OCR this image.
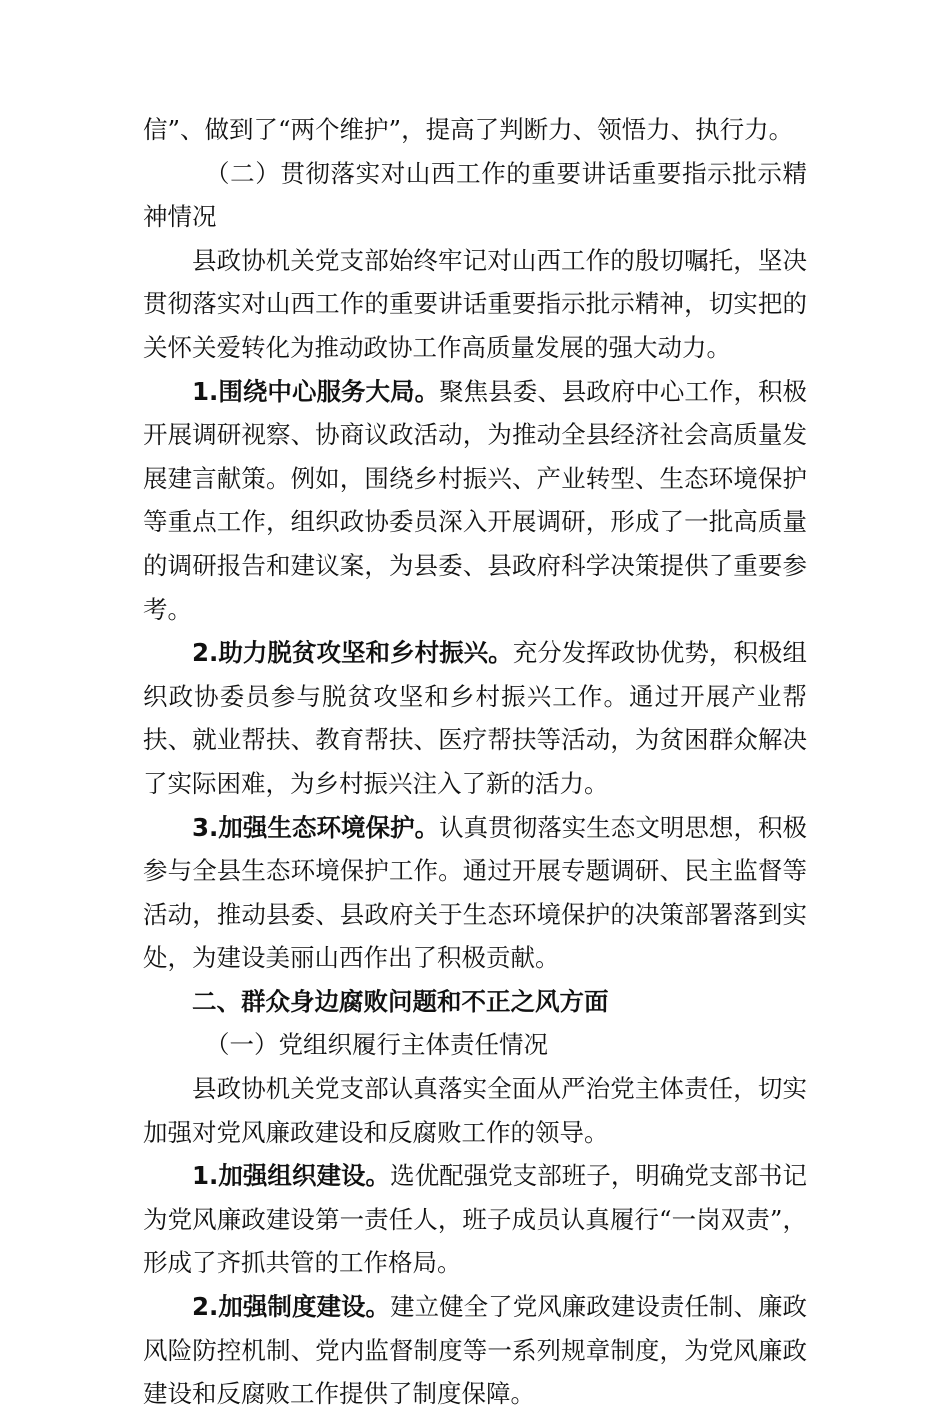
信”、做到了“两个维护”，提高了判断力、领悟力、执行力。

（二）贯彻落实对山西工作的重要讲话重要指示批示精神情况

县政协机关党支部始终牢记对山西工作的殷切嘱托，坚决贯彻落实对山西工作的重要讲话重要指示批示精神，切实把的关怀关爱转化为推动政协工作高质量发展的强大动力。

1.围绕中心服务大局。聚焦县委、县政府中心工作，积极开展调研视察、协商议政活动，为推动全县经济社会高质量发展建言献策。例如，围绕乡村振兴、产业转型、生态环境保护等重点工作，组织政协委员深入开展调研，形成了一批高质量的调研报告和建议案，为县委、县政府科学决策提供了重要参考。

2.助力脱贫攻坚和乡村振兴。充分发挥政协优势，积极组织政协委员参与脱贫攻坚和乡村振兴工作。通过开展产业帮扶、就业帮扶、教育帮扶、医疗帮扶等活动，为贫困群众解决了实际困难，为乡村振兴注入了新的活力。

3.加强生态环境保护。认真贯彻落实生态文明思想，积极参与全县生态环境保护工作。通过开展专题调研、民主监督等活动，推动县委、县政府关于生态环境保护的决策部署落到实处，为建设美丽山西作出了积极贡献。

二、群众身边腐败问题和不正之风方面

（一）党组织履行主体责任情况

县政协机关党支部认真落实全面从严治党主体责任，切实加强对党风廉政建设和反腐败工作的领导。

1.加强组织建设。选优配强党支部班子，明确党支部书记为党风廉政建设第一责任人，班子成员认真履行“一岗双责”，形成了齐抓共管的工作格局。

2.加强制度建设。建立健全了党风廉政建设责任制、廉政风险防控机制、党内监督制度等一系列规章制度，为党风廉政建设和反腐败工作提供了制度保障。
